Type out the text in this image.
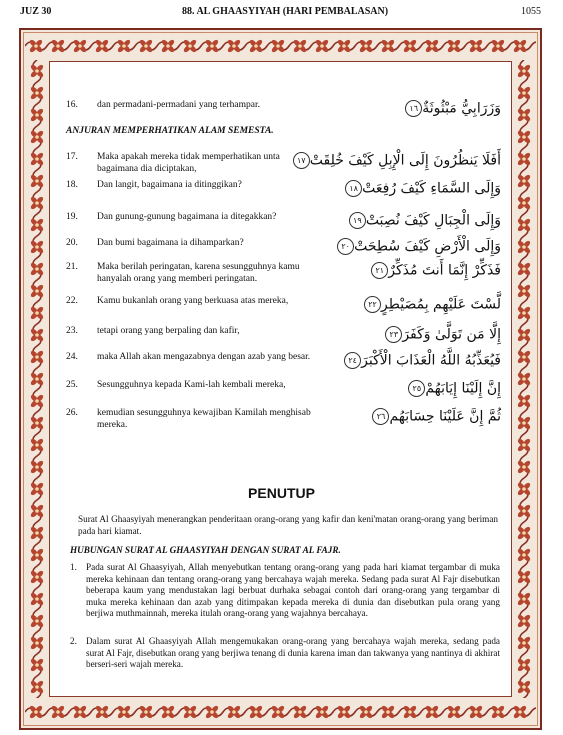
JUZ 30	88. AL GHAASYIYAH (HARI PEMBALASAN)	1055
ANJURAN MEMPERHATIKAN ALAM SEMESTA.
16. dan permadani-permadani yang terhampar.	وَزَرَابِيُّ مَبْثُوثَةٌ١٦
17. Maka apakah mereka tidak memperhatikan unta bagaimana dia diciptakan,	أَفَلَا يَنظُرُونَ إِلَى الْإِبِلِ كَيْفَ خُلِقَتْ١٧
18. Dan langit, bagaimana ia ditinggikan?	وَإِلَى السَّمَاءِ كَيْفَ رُفِعَتْ١٨
19. Dan gunung-gunung bagaimana ia ditegakkan?	وَإِلَى الْجِبَالِ كَيْفَ نُصِبَتْ١٩
20. Dan bumi bagaimana ia dihamparkan?	وَإِلَى الْأَرْضِ كَيْفَ سُطِحَتْ٢٠
21. Maka berilah peringatan, karena sesungguhnya kamu hanyalah orang yang memberi peringatan.	فَذَكِّرْ إِنَّمَا أَنتَ مُذَكِّرٌ٢١
22. Kamu bukanlah orang yang berkuasa atas mereka,	لَّسْتَ عَلَيْهِم بِمُصَيْطِرٍ٢٢
23. tetapi orang yang berpaling dan kafir,	إِلَّا مَن تَوَلَّىٰ وَكَفَرَ٢٣
24. maka Allah akan mengazabnya dengan azab yang besar.	فَيُعَذِّبُهُ اللَّهُ الْعَذَابَ الْأَكْبَرَ٢٤
25. Sesungguhnya kepada Kami-lah kembali mereka,	إِنَّ إِلَيْنَا إِيَابَهُمْ٢٥
26. kemudian sesungguhnya kewajiban Kamilah menghisab mereka.	ثُمَّ إِنَّ عَلَيْنَا حِسَابَهُم٢٦
PENUTUP
Surat Al Ghaasyiyah menerangkan penderitaan orang-orang yang kafir dan keni'matan orang-orang yang beriman pada hari kiamat.
HUBUNGAN SURAT AL GHAASYIYAH DENGAN SURAT AL FAJR.
1. Pada surat Al Ghaasyiyah, Allah menyebutkan tentang orang-orang yang pada hari kiamat tergambar di muka mereka kehinaan dan tentang orang-orang yang bercahaya wajah mereka. Sedang pada surat Al Fajr disebutkan beberapa kaum yang mendustakan lagi berbuat durhaka sebagai contoh dari orang-orang yang tergambar di muka mereka kehinaan dan azab yang ditimpakan kepada mereka di dunia dan disebutkan pula orang yang berjiwa muthmainnah, mereka itulah orang-orang yang wajahnya bercahaya.
2. Dalam surat Al Ghaasyiyah Allah mengemukakan orang-orang yang bercahaya wajah mereka, sedang pada surat Al Fajr, disebutkan orang yang berjiwa tenang di dunia karena iman dan takwanya yang nantinya di akhirat berseri-seri wajah mereka.
